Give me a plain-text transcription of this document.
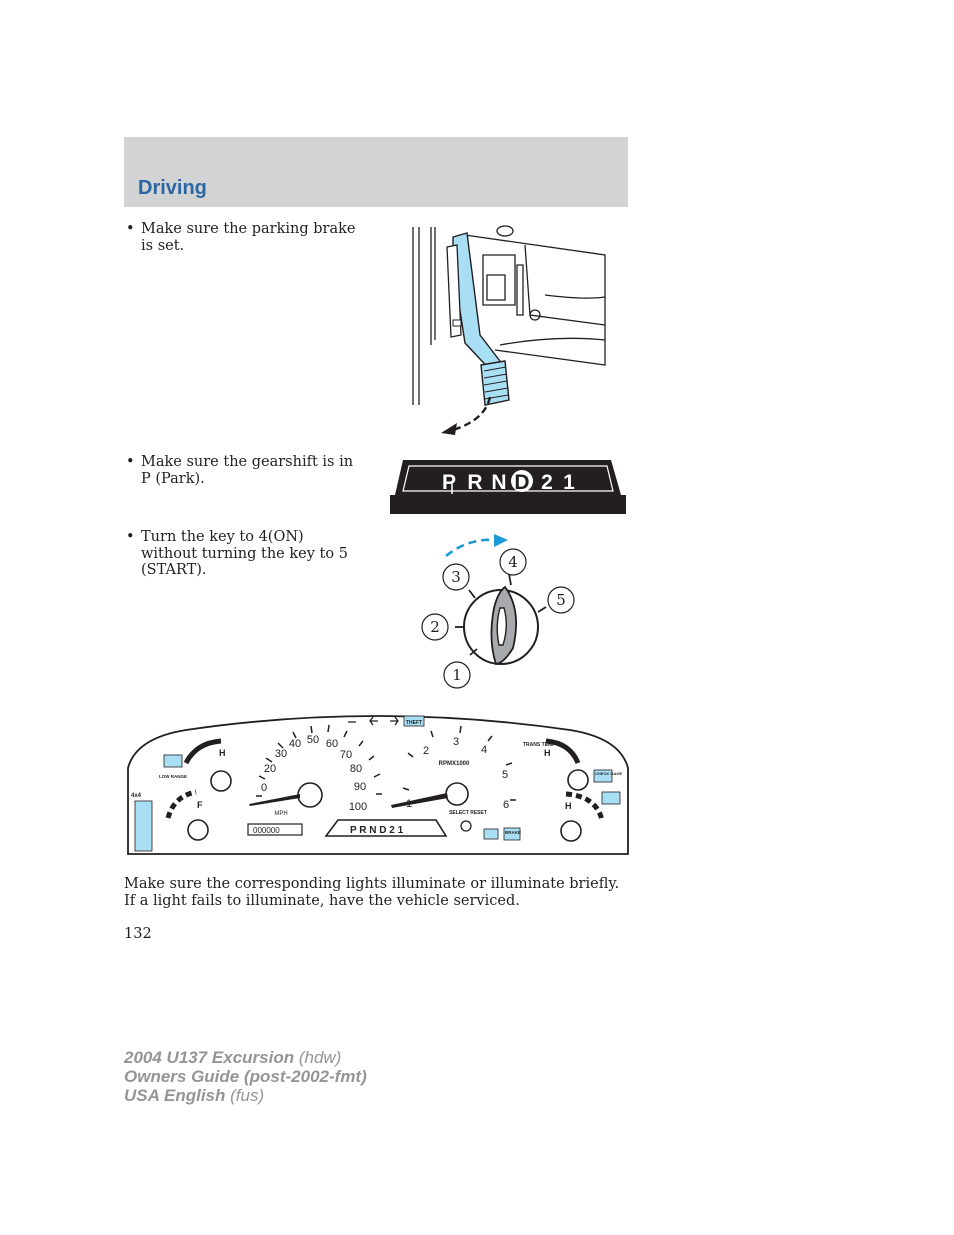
Driving
• Make sure the parking brake is set.
• Make sure the gearshift is in P (Park).	P R N D 2 1
• Turn the key to 4(ON) without turning the key to 5 (START).
1
2
3
4
5
0
20
30
40 50 60
70
80
90
100
MPH
2
3
4
5
6
RPMX1000
SELECT RESET
H
F
LOW RANGE
4x4
H
H
TRANS TEMP
CHECK GAGE
THEFT
000000	P R N D 2 1	BRAKE
Make sure the corresponding lights illuminate or illuminate briefly. If a light fails to illuminate, have the vehicle serviced.
132
2004 U137 Excursion (hdw)
Owners Guide (post-2002-fmt)
USA English (fus)
